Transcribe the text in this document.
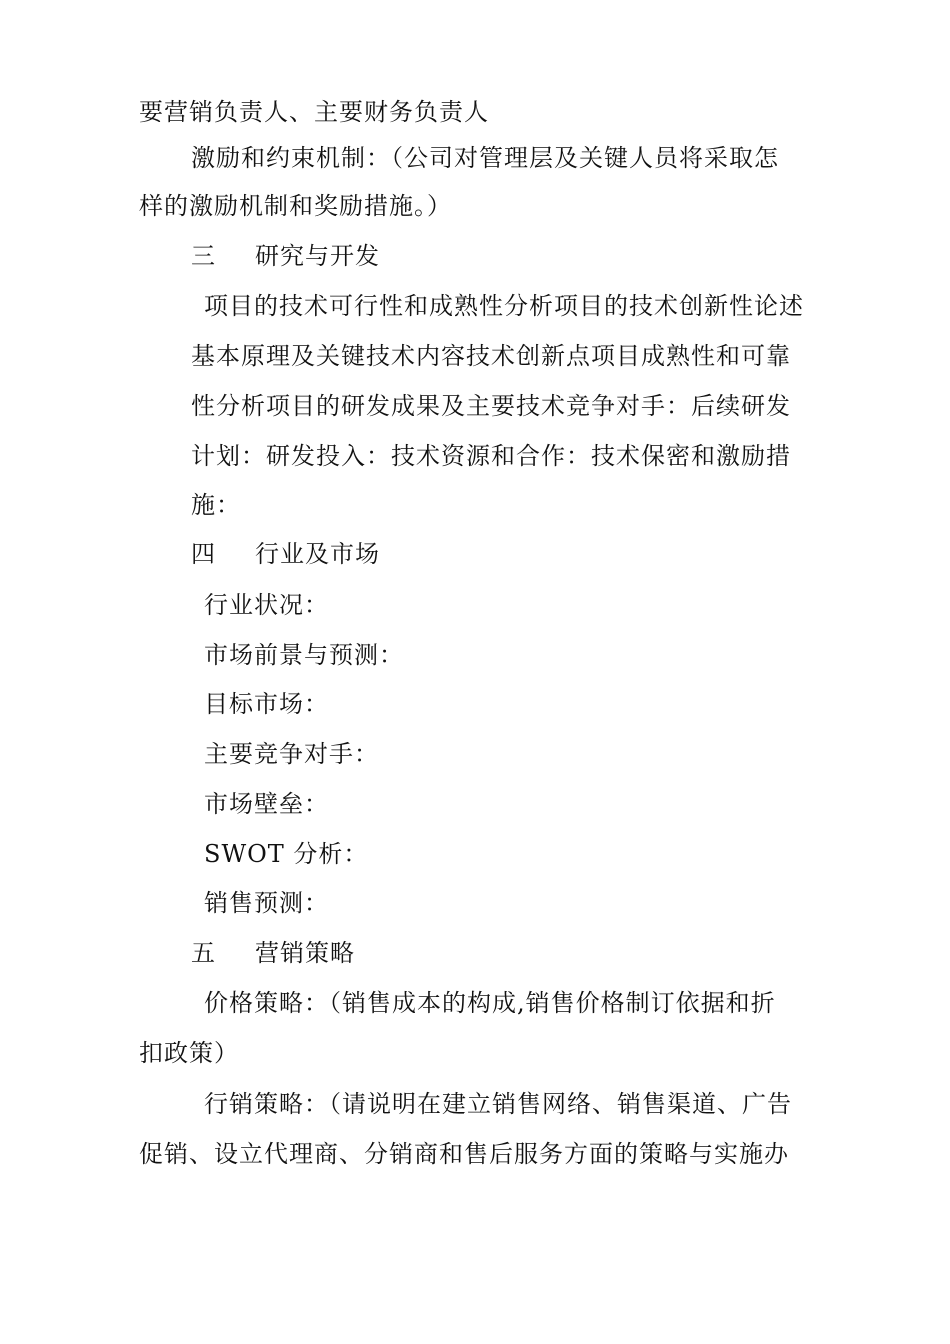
要营销负责人、主要财务负责人
激励和约束机制：（公司对管理层及关键人员将采取怎
样的激励机制和奖励措施。）
三 研究与开发
项目的技术可行性和成熟性分析项目的技术创新性论述
基本原理及关键技术内容技术创新点项目成熟性和可靠
性分析项目的研发成果及主要技术竞争对手：后续研发
计划：研发投入：技术资源和合作：技术保密和激励措
施：
四 行业及市场
行业状况：
市场前景与预测：
目标市场：
主要竞争对手：
市场壁垒：
SWOT 分析：
销售预测：
五 营销策略
价格策略：（销售成本的构成,销售价格制订依据和折
扣政策）
行销策略：（请说明在建立销售网络、销售渠道、广告
促销、设立代理商、分销商和售后服务方面的策略与实施办
